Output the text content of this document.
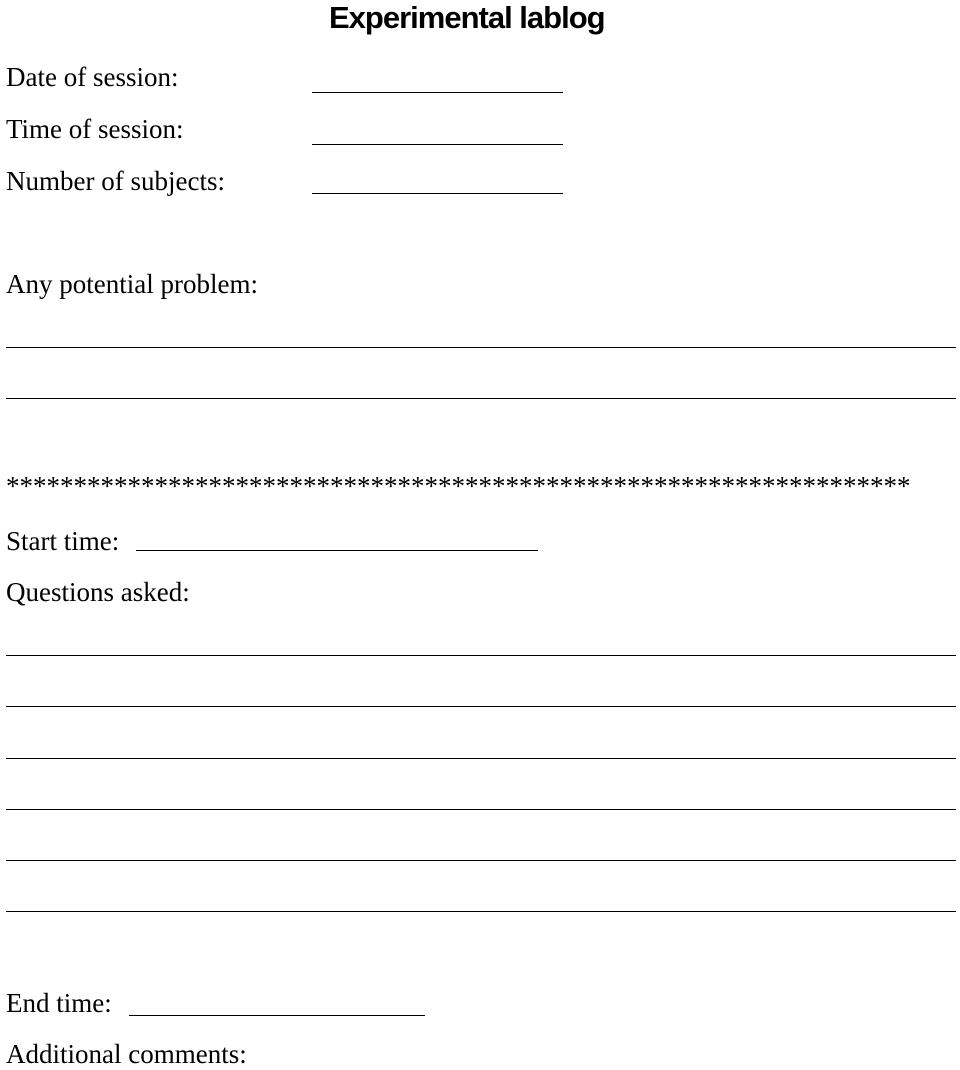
Experimental lablog
Date of session:
Time of session:
Number of subjects:
Any potential problem:
*******************************************************************
Start time:
Questions asked:
End time:
Additional comments:
